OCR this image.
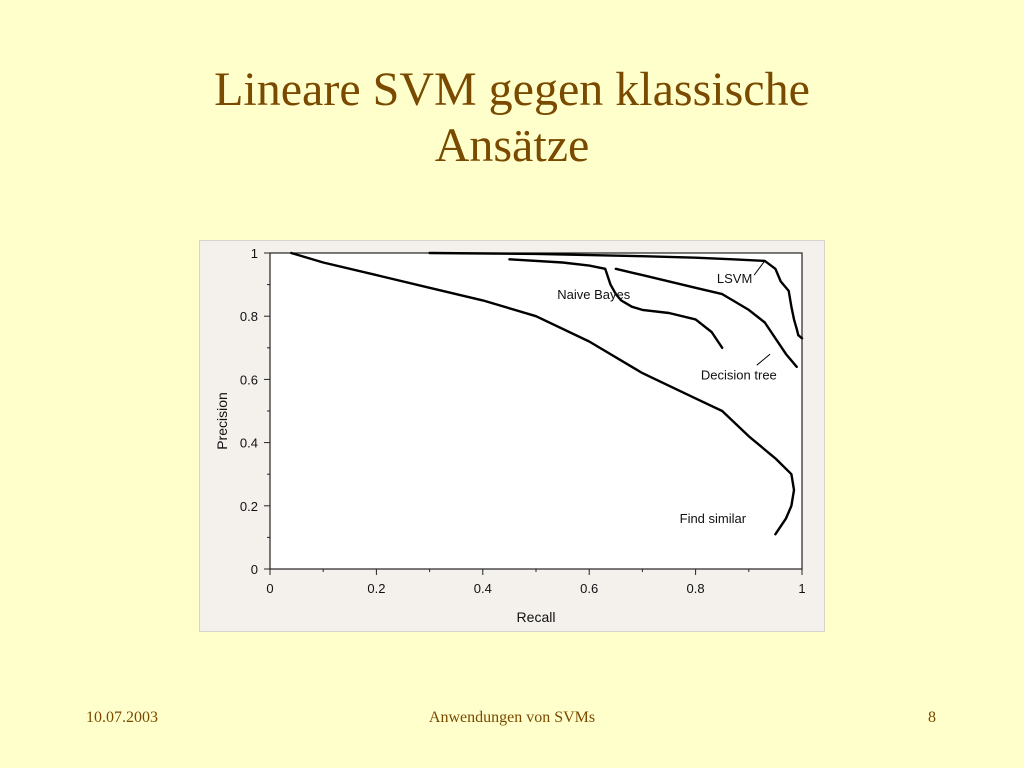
Lineare SVM gegen klassische
Ansätze
0	0.2	0.4	0.6	0.8	1
0
0.2
0.4
0.6
0.8
1
Recall
Precision
LSVM
Naive Bayes
Decision tree
Find similar
10.07.2003	Anwendungen von SVMs	8
